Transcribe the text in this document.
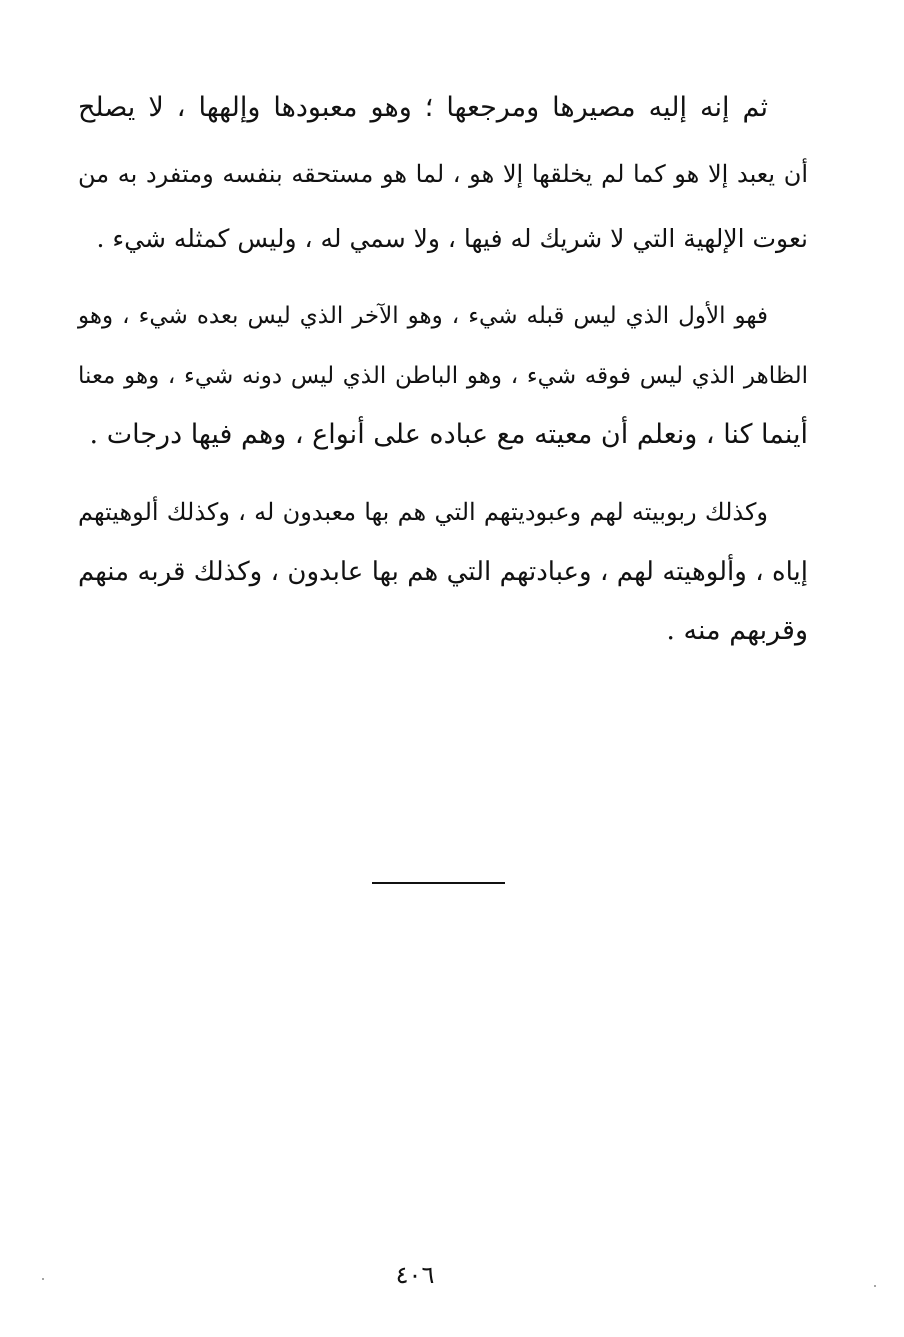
ثم إنه إليه مصيرها ومرجعها ؛ وهو معبودها وإلهها ، لا يصلح
أن يعبد إلا هو كما لم يخلقها إلا هو ، لما هو مستحقه بنفسه ومتفرد به من
نعوت الإلهية التي لا شريك له فيها ، ولا سمي له ، وليس كمثله شيء .
فهو الأول الذي ليس قبله شيء ، وهو الآخر الذي ليس بعده شيء ، وهو
الظاهر الذي ليس فوقه شيء ، وهو الباطن الذي ليس دونه شيء ، وهو معنا
أينما كنا ، ونعلم أن معيته مع عباده على أنواع ، وهم فيها درجات .
وكذلك ربوبيته لهم وعبوديتهم التي هم بها معبدون له ، وكذلك ألوهيتهم
إياه ، وألوهيته لهم ، وعبادتهم التي هم بها عابدون ، وكذلك قربه منهم
وقربهم منه .
٤٠٦
